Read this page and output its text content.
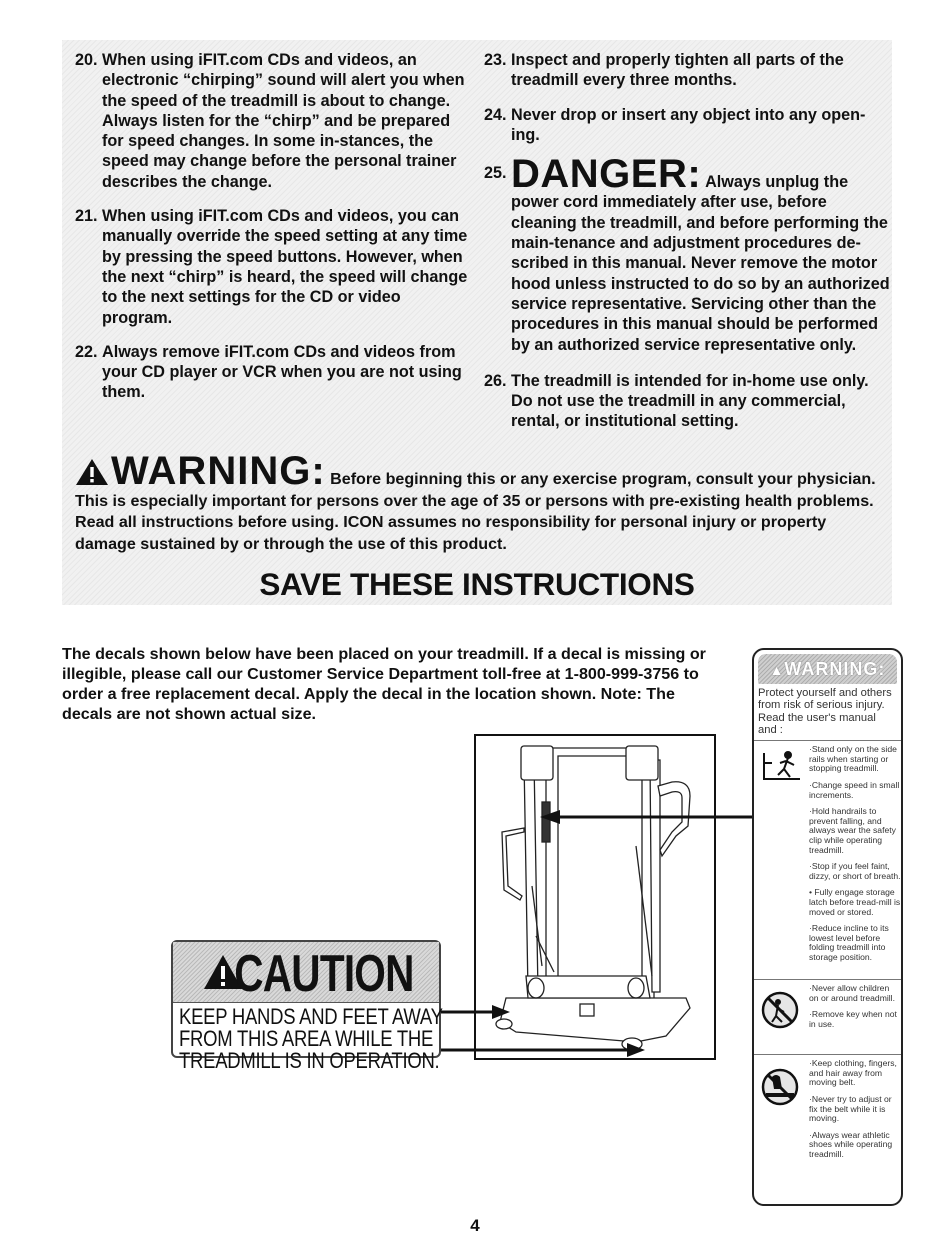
20. When using iFIT.com CDs and videos, an electronic “chirping” sound will alert you when the speed of the treadmill is about to change. Always listen for the “chirp” and be prepared for speed changes. In some in-stances, the speed may change before the personal trainer describes the change.
21. When using iFIT.com CDs and videos, you can manually override the speed setting at any time by pressing the speed buttons. However, when the next “chirp” is heard, the speed will change to the next settings for the CD or video program.
22. Always remove iFIT.com CDs and videos from your CD player or VCR when you are not using them.
23. Inspect and properly tighten all parts of the treadmill every three months.
24. Never drop or insert any object into any open-ing.
25. DANGER: Always unplug the power cord immediately after use, before cleaning the treadmill, and before performing the main-tenance and adjustment procedures de-scribed in this manual. Never remove the motor hood unless instructed to do so by an authorized service representative. Servicing other than the procedures in this manual should be performed by an authorized service representative only.
26. The treadmill is intended for in-home use only. Do not use the treadmill in any commercial, rental, or institutional setting.
WARNING: Before beginning this or any exercise program, consult your physician. This is especially important for persons over the age of 35 or persons with pre-existing health problems. Read all instructions before using. ICON assumes no responsibility for personal injury or property damage sustained by or through the use of this product.
SAVE THESE INSTRUCTIONS
The decals shown below have been placed on your treadmill. If a decal is missing or illegible, please call our Customer Service Department toll-free at 1-800-999-3756 to order a free replacement decal. Apply the decal in the location shown. Note: The decals are not shown actual size.
CAUTION
KEEP HANDS AND FEET AWAY
FROM THIS AREA WHILE THE
TREADMILL IS IN OPERATION.
▲WARNING:
Protect yourself and others from risk of serious injury. Read the user's manual and :
·Stand only on the side rails when starting or stopping treadmill.
·Change speed in small increments.
·Hold handrails to prevent falling, and always wear the safety clip while operating treadmill.
·Stop if you feel faint, dizzy, or short of breath.
• Fully engage storage latch before tread-mill is moved or stored.
·Reduce incline to its lowest level before folding treadmill into storage position.
·Never allow children on or around treadmill.
·Remove key when not in use.
·Keep clothing, fingers, and hair away from moving belt.
·Never try to adjust or fix the belt while it is moving.
·Always wear athletic shoes while operating treadmill.
4
